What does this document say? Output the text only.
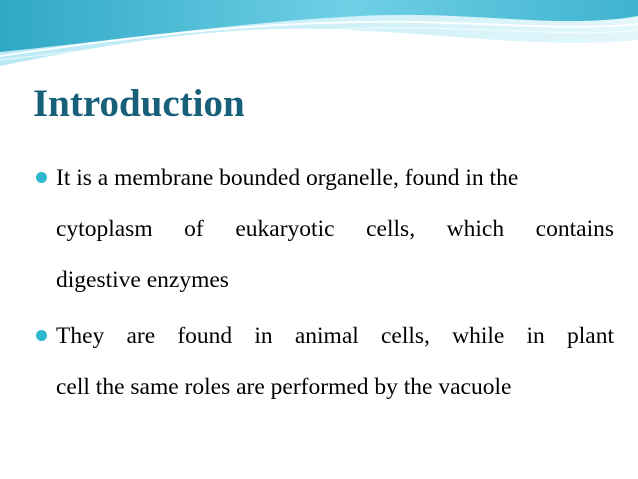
Introduction
It is a membrane bounded organelle, found in the
cytoplasm of eukaryotic cells, which contains
digestive enzymes
They are found in animal cells, while in plant
cell the same roles are performed by the vacuole
